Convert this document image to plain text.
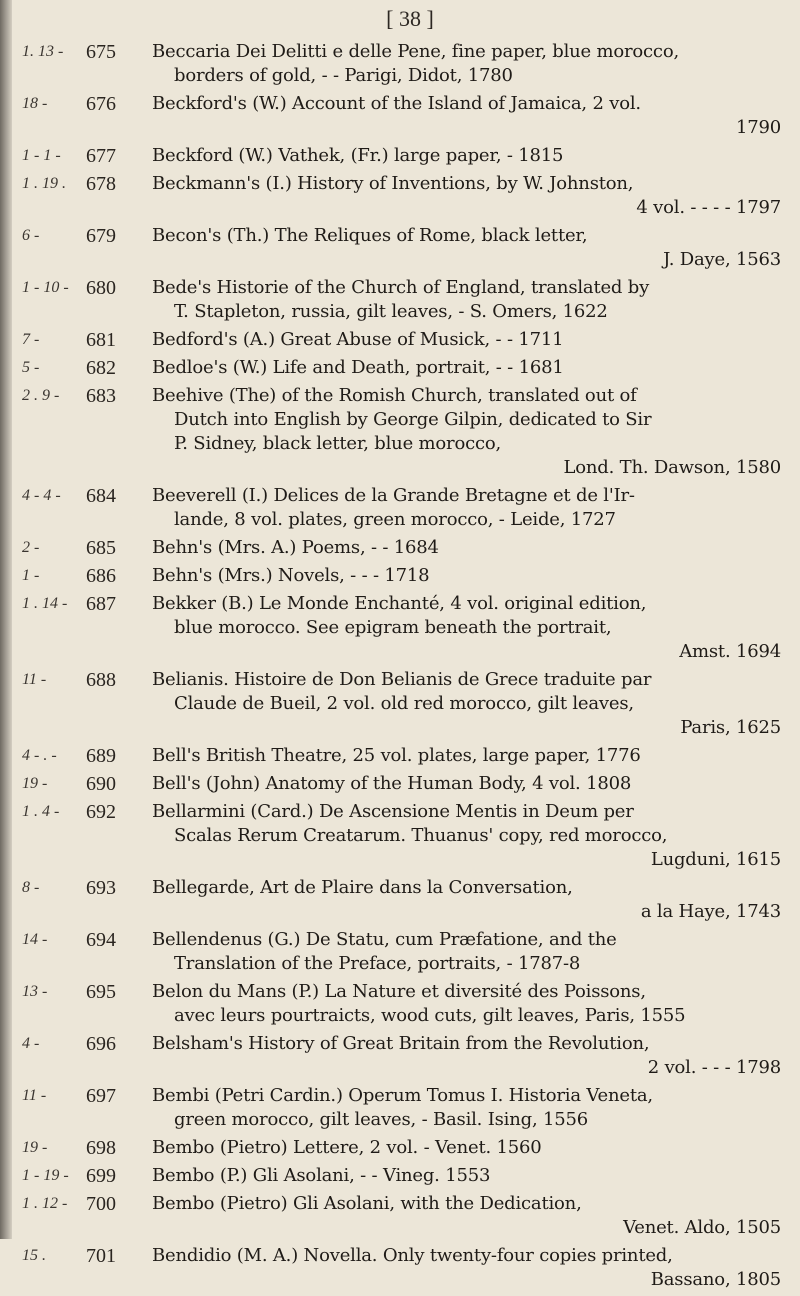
[ 38 ]
1. 13 -	675	Beccaria Dei Delitti e delle Pene, fine paper, blue morocco,

borders of gold, - - Parigi, Didot, 1780

18 -	676	Beckford's (W.) Account of the Island of Jamaica, 2 vol.

1790

1 - 1 -	677	Beckford (W.) Vathek, (Fr.) large paper, - 1815

1 . 19 .	678	Beckmann's (I.) History of Inventions, by W. Johnston,

4 vol. - - - - 1797

6 -	679	Becon's (Th.) The Reliques of Rome, black letter,

J. Daye, 1563

1 - 10 - 680	Bede's Historie of the Church of England, translated by

T. Stapleton, russia, gilt leaves, - S. Omers, 1622

7 -	681	Bedford's (A.) Great Abuse of Musick, - - 1711

5 -	682	Bedloe's (W.) Life and Death, portrait, - - 1681

2 . 9 -	683	Beehive (The) of the Romish Church, translated out of

Dutch into English by George Gilpin, dedicated to Sir

P. Sidney, black letter, blue morocco,

Lond. Th. Dawson, 1580

4 - 4 -	684	Beeverell (I.) Delices de la Grande Bretagne et de l'Ir-

lande, 8 vol. plates, green morocco, - Leide, 1727

2 -	685	Behn's (Mrs. A.) Poems, - - 1684

1 -	686	Behn's (Mrs.) Novels, - - - 1718

1 . 14 - 687	Bekker (B.) Le Monde Enchanté, 4 vol. original edition,

blue morocco. See epigram beneath the portrait,

Amst. 1694

11 -	688	Belianis. Histoire de Don Belianis de Grece traduite par

Claude de Bueil, 2 vol. old red morocco, gilt leaves,

Paris, 1625

4 - . -	689	Bell's British Theatre, 25 vol. plates, large paper, 1776

19 -	690	Bell's (John) Anatomy of the Human Body, 4 vol. 1808

1 . 4 -	692	Bellarmini (Card.) De Ascensione Mentis in Deum per

Scalas Rerum Creatarum. Thuanus' copy, red morocco,

Lugduni, 1615

8 -	693	Bellegarde, Art de Plaire dans la Conversation,

a la Haye, 1743

14 -	694	Bellendenus (G.) De Statu, cum Præfatione, and the

Translation of the Preface, portraits, - 1787-8

13 -	695	Belon du Mans (P.) La Nature et diversité des Poissons,

avec leurs pourtraicts, wood cuts, gilt leaves, Paris, 1555

4 -	696	Belsham's History of Great Britain from the Revolution,

2 vol. - - - 1798

11 -	697	Bembi (Petri Cardin.) Operum Tomus I. Historia Veneta,

green morocco, gilt leaves, - Basil. Ising, 1556

19 -	698	Bembo (Pietro) Lettere, 2 vol. - Venet. 1560

1 - 19 - 699	Bembo (P.) Gli Asolani, - - Vineg. 1553

1 . 12 - 700	Bembo (Pietro) Gli Asolani, with the Dedication,

Venet. Aldo, 1505

15 .	701	Bendidio (M. A.) Novella. Only twenty-four copies printed,

Bassano, 1805
